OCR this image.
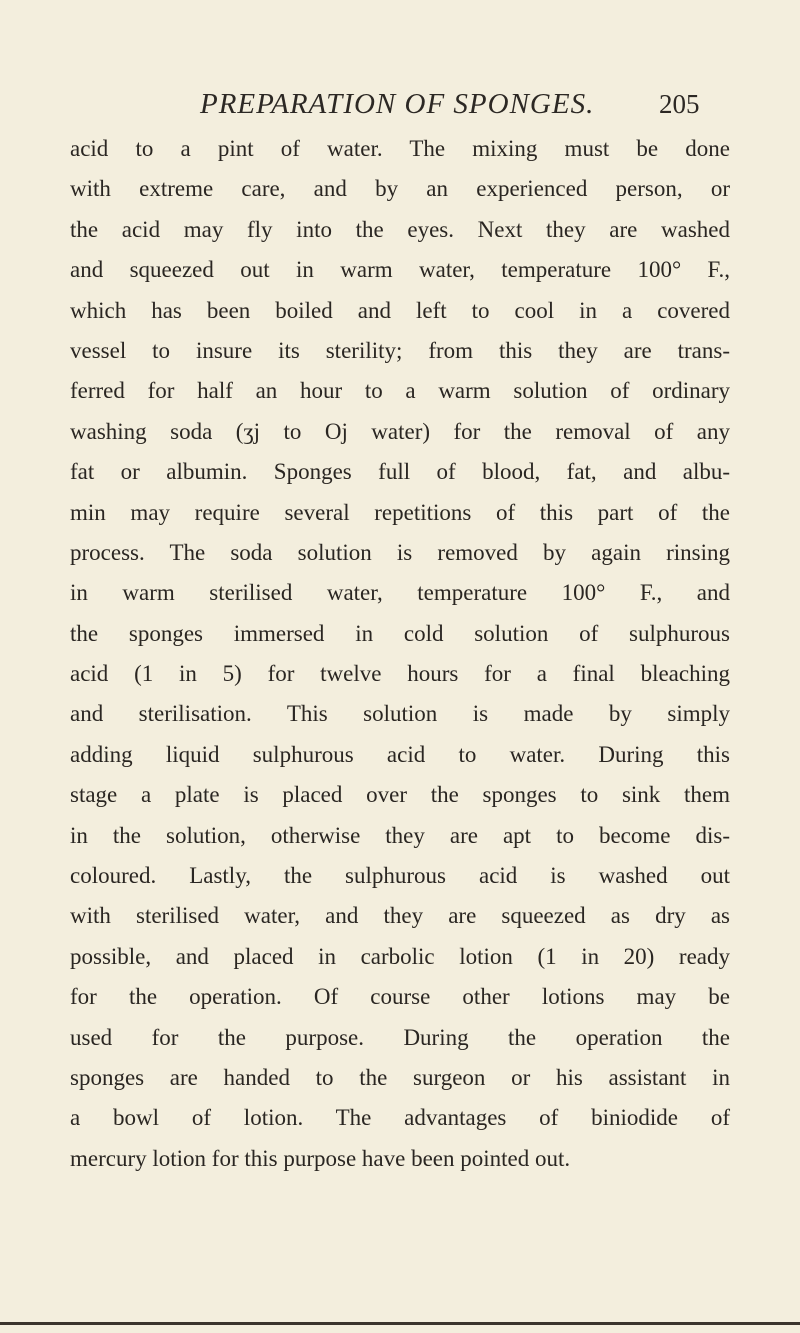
PREPARATION OF SPONGES. 205
acid to a pint of water. The mixing must be done
with extreme care, and by an experienced person, or
the acid may fly into the eyes. Next they are washed
and squeezed out in warm water, temperature 100° F.,
which has been boiled and left to cool in a covered
vessel to insure its sterility; from this they are trans-
ferred for half an hour to a warm solution of ordinary
washing soda (ʒj to Oj water) for the removal of any
fat or albumin. Sponges full of blood, fat, and albu-
min may require several repetitions of this part of the
process. The soda solution is removed by again rinsing
in warm sterilised water, temperature 100° F., and
the sponges immersed in cold solution of sulphurous
acid (1 in 5) for twelve hours for a final bleaching
and sterilisation. This solution is made by simply
adding liquid sulphurous acid to water. During this
stage a plate is placed over the sponges to sink them
in the solution, otherwise they are apt to become dis-
coloured. Lastly, the sulphurous acid is washed out
with sterilised water, and they are squeezed as dry as
possible, and placed in carbolic lotion (1 in 20) ready
for the operation. Of course other lotions may be
used for the purpose. During the operation the
sponges are handed to the surgeon or his assistant in
a bowl of lotion. The advantages of biniodide of
mercury lotion for this purpose have been pointed out.
